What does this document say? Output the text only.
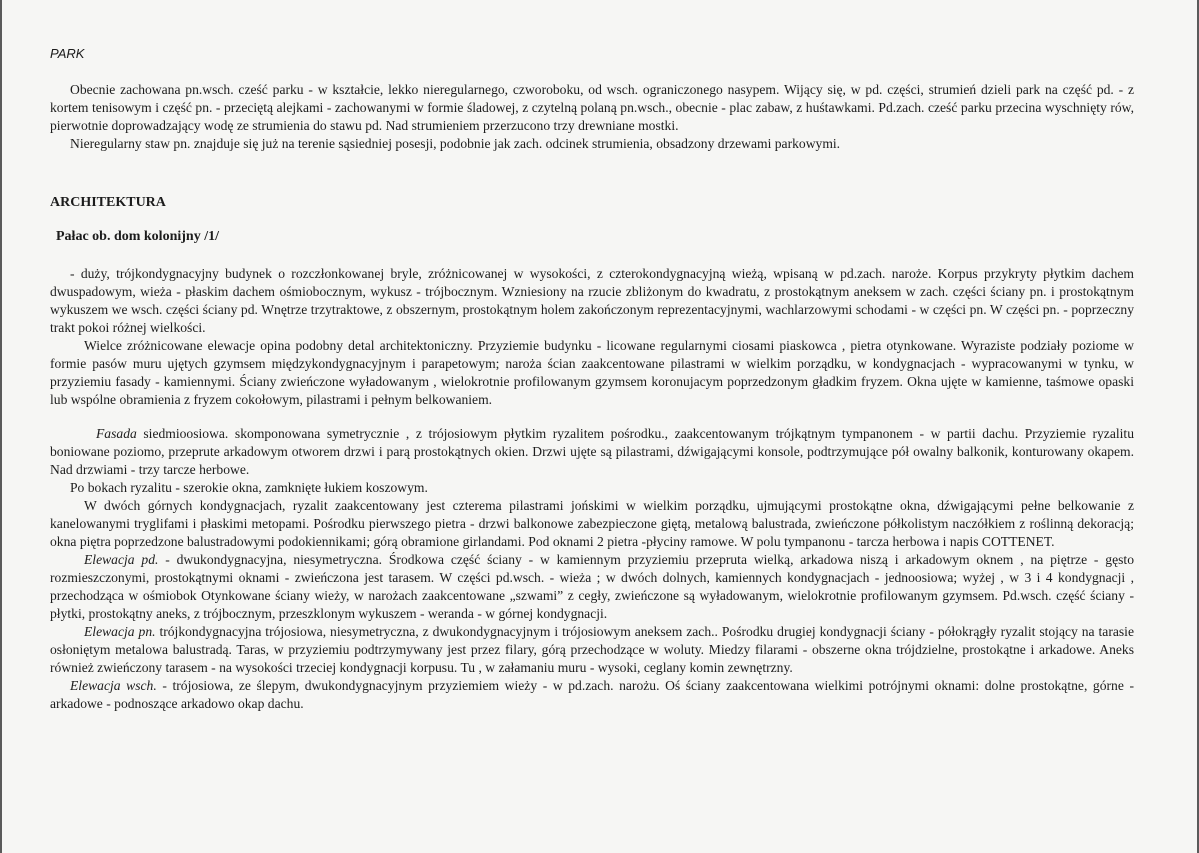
PARK

Obecnie zachowana pn.wsch. cześć parku - w kształcie, lekko nieregularnego, czworoboku, od wsch. ograniczonego nasypem. Wijący się, w pd. części, strumień dzieli park na część pd. - z kortem tenisowym i część pn. - przeciętą alejkami - zachowanymi w formie śladowej, z czytelną polaną pn.wsch., obecnie - plac zabaw, z huśtawkami. Pd.zach. cześć parku przecina wyschnięty rów, pierwotnie doprowadzający wodę ze strumienia do stawu pd. Nad strumieniem przerzucono trzy drewniane mostki.

Nieregularny staw pn. znajduje się już na terenie sąsiedniej posesji, podobnie jak zach. odcinek strumienia, obsadzony drzewami parkowymi.

ARCHITEKTURA
Pałac ob. dom kolonijny /1/

- duży, trójkondygnacyjny budynek o rozczłonkowanej bryle, zróżnicowanej w wysokości, z czterokondygnacyjną wieżą, wpisaną w pd.zach. naroże. Korpus przykryty płytkim dachem dwuspadowym, wieża - płaskim dachem ośmiobocznym, wykusz - trójbocznym. Wzniesiony na rzucie zbliżonym do kwadratu, z prostokątnym aneksem w zach. części ściany pn. i prostokątnym wykuszem we wsch. części ściany pd. Wnętrze trzytraktowe, z obszernym, prostokątnym holem zakończonym reprezentacyjnymi, wachlarzowymi schodami - w części pn. W części pn. - poprzeczny trakt pokoi różnej wielkości.

Wielce zróżnicowane elewacje opina podobny detal architektoniczny. Przyziemie budynku - licowane regularnymi ciosami piaskowca , pietra otynkowane. Wyraziste podziały poziome w formie pasów muru ujętych gzymsem międzykondygnacyjnym i parapetowym; naroża ścian zaakcentowane pilastrami w wielkim porządku, w kondygnacjach - wypracowanymi w tynku, w przyziemiu fasady - kamiennymi. Ściany zwieńczone wyładowanym , wielokrotnie profilowanym gzymsem koronujacym poprzedzonym gładkim fryzem. Okna ujęte w kamienne, taśmowe opaski lub wspólne obramienia z fryzem cokołowym, pilastrami i pełnym belkowaniem.

Fasada siedmioosiowa. skomponowana symetrycznie , z trójosiowym płytkim ryzalitem pośrodku., zaakcentowanym trójkątnym tympanonem - w partii dachu. Przyziemie ryzalitu boniowane poziomo, przeprute arkadowym otworem drzwi i parą prostokątnych okien. Drzwi ujęte są pilastrami, dźwigającymi konsole, podtrzymujące pół owalny balkonik, konturowany okapem. Nad drzwiami - trzy tarcze herbowe.

Po bokach ryzalitu - szerokie okna, zamknięte łukiem koszowym.

W dwóch górnych kondygnacjach, ryzalit zaakcentowany jest czterema pilastrami jońskimi w wielkim porządku, ujmującymi prostokątne okna, dźwigającymi pełne belkowanie z kanelowanymi tryglifami i płaskimi metopami. Pośrodku pierwszego pietra - drzwi balkonowe zabezpieczone giętą, metalową balustrada, zwieńczone półkolistym naczółkiem z roślinną dekoracją; okna piętra poprzedzone balustradowymi podokiennikami; górą obramione girlandami. Pod oknami 2 pietra -płyciny ramowe. W polu tympanonu - tarcza herbowa i napis COTTENET.

Elewacja pd. - dwukondygnacyjna, niesymetryczna. Środkowa część ściany - w kamiennym przyziemiu przepruta wielką, arkadowa niszą i arkadowym oknem , na piętrze - gęsto rozmieszczonymi, prostokątnymi oknami - zwieńczona jest tarasem. W części pd.wsch. - wieża ; w dwóch dolnych, kamiennych kondygnacjach - jednoosiowa; wyżej , w 3 i 4 kondygnacji , przechodząca w ośmiobok Otynkowane ściany wieży, w narożach zaakcentowane „szwami” z cegły, zwieńczone są wyładowanym, wielokrotnie profilowanym gzymsem. Pd.wsch. część ściany - płytki, prostokątny aneks, z trójbocznym, przeszklonym wykuszem - weranda - w górnej kondygnacji.

Elewacja pn. trójkondygnacyjna trójosiowa, niesymetryczna, z dwukondygnacyjnym i trójosiowym aneksem zach.. Pośrodku drugiej kondygnacji ściany - półokrągły ryzalit stojący na tarasie osłoniętym metalowa balustradą. Taras, w przyziemiu podtrzymywany jest przez filary, górą przechodzące w woluty. Miedzy filarami - obszerne okna trójdzielne, prostokątne i arkadowe. Aneks również zwieńczony tarasem - na wysokości trzeciej kondygnacji korpusu. Tu , w załamaniu muru - wysoki, ceglany komin zewnętrzny.

Elewacja wsch. - trójosiowa, ze ślepym, dwukondygnacyjnym przyziemiem wieży - w pd.zach. narożu. Oś ściany zaakcentowana wielkimi potrójnymi oknami: dolne prostokątne, górne - arkadowe - podnoszące arkadowo okap dachu.
